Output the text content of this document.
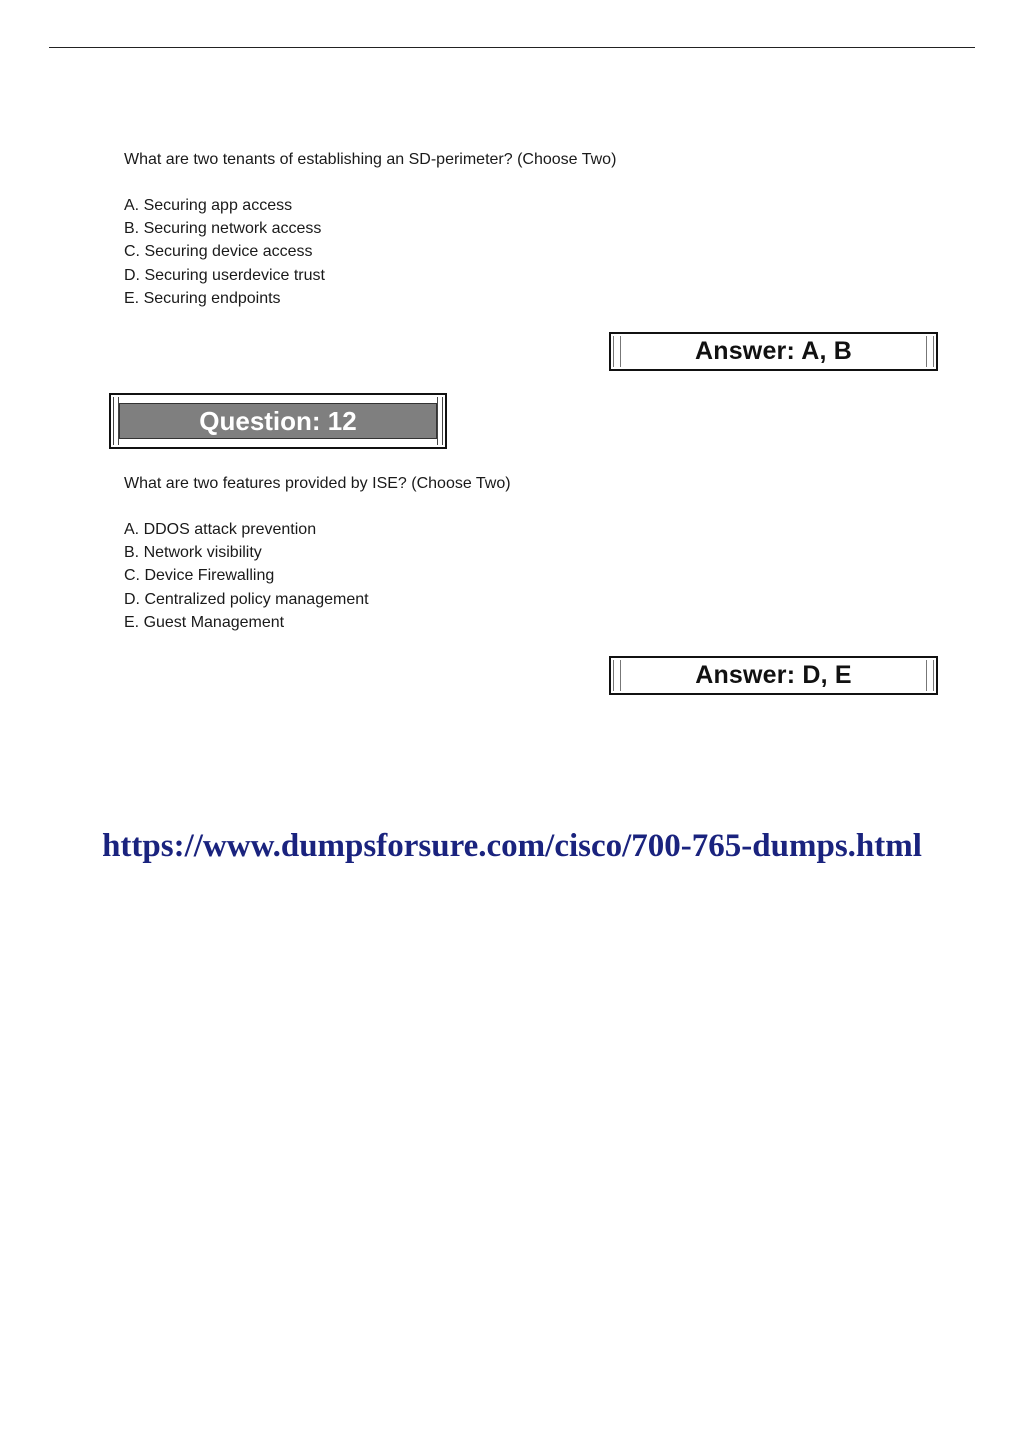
What are two tenants of establishing an SD-perimeter? (Choose Two)
A. Securing app access
B. Securing network access
C. Securing device access
D. Securing userdevice trust
E. Securing endpoints
Answer: A, B
Question: 12
What are two features provided by ISE? (Choose Two)
A. DDOS attack prevention
B. Network visibility
C. Device Firewalling
D. Centralized policy management
E. Guest Management
Answer: D, E
https://www.dumpsforsure.com/cisco/700-765-dumps.html
